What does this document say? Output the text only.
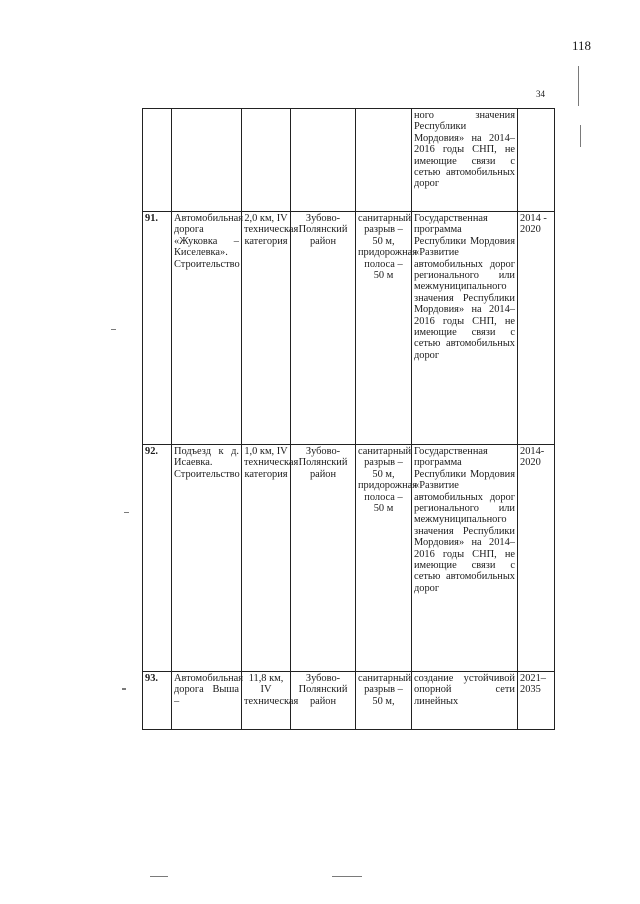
118
34
					ного значения Республики Мордовия» на 2014–2016 годы СНП, не имеющие связи с сетью автомобильных дорог	
91.	Автомобильная дорога «Жуковка – Киселевка». Строительство	2,0 км, IV техническая категория	Зубово-Полянский район	санитарный разрыв – 50 м, придорожная полоса – 50 м	Государственная программа Республики Мордовия «Развитие автомобильных дорог регионального или межмуниципального значения Республики Мордовия» на 2014–2016 годы СНП, не имеющие связи с сетью автомобильных дорог	2014 - 2020
92.	Подъезд к д. Исаевка. Строительство	1,0 км, IV техническая категория	Зубово-Полянский район	санитарный разрыв – 50 м, придорожная полоса – 50 м	Государственная программа Республики Мордовия «Развитие автомобильных дорог регионального или межмуниципального значения Республики Мордовия» на 2014–2016 годы СНП, не имеющие связи с сетью автомобильных дорог	2014- 2020
93.	Автомобильная дорога Выша –	11,8 км, IV техническая	Зубово-Полянский район	санитарный разрыв – 50 м,	создание устойчивой опорной сети линейных	2021– 2035
